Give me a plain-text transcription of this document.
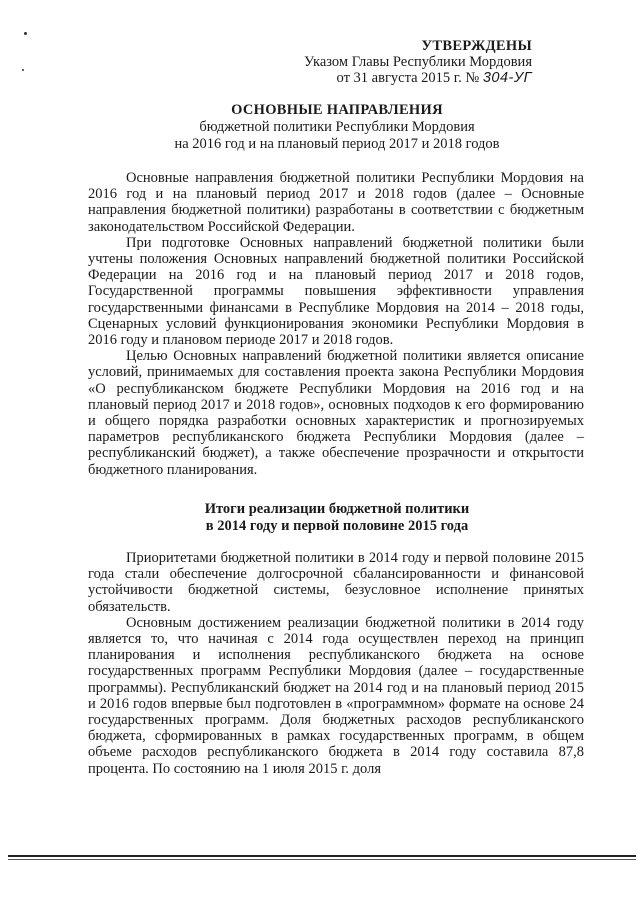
УТВЕРЖДЕНЫ
Указом Главы Республики Мордовия
от 31 августа 2015 г. № 304-УГ
ОСНОВНЫЕ НАПРАВЛЕНИЯ
бюджетной политики Республики Мордовия
на 2016 год и на плановый период 2017 и 2018 годов

Основные направления бюджетной политики Республики Мордовия на 2016 год и на плановый период 2017 и 2018 годов (далее – Основные направления бюджетной политики) разработаны в соответствии с бюджетным законодательством Российской Федерации.

При подготовке Основных направлений бюджетной политики были учтены положения Основных направлений бюджетной политики Российской Федерации на 2016 год и на плановый период 2017 и 2018 годов, Государственной программы повышения эффективности управления государственными финансами в Республике Мордовия на 2014 – 2018 годы, Сценарных условий функционирования экономики Республики Мордовия в 2016 году и плановом периоде 2017 и 2018 годов.

Целью Основных направлений бюджетной политики является описание условий, принимаемых для составления проекта закона Республики Мордовия «О республиканском бюджете Республики Мордовия на 2016 год и на плановый период 2017 и 2018 годов», основных подходов к его формированию и общего порядка разработки основных характеристик и прогнозируемых параметров республиканского бюджета Республики Мордовия (далее – республиканский бюджет), а также обеспечение прозрачности и открытости бюджетного планирования.

Итоги реализации бюджетной политики
в 2014 году и первой половине 2015 года

Приоритетами бюджетной политики в 2014 году и первой половине 2015 года стали обеспечение долгосрочной сбалансированности и финансовой устойчивости бюджетной системы, безусловное исполнение принятых обязательств.

Основным достижением реализации бюджетной политики в 2014 году является то, что начиная с 2014 года осуществлен переход на принцип планирования и исполнения республиканского бюджета на основе государственных программ Республики Мордовия (далее – государственные программы). Республиканский бюджет на 2014 год и на плановый период 2015 и 2016 годов впервые был подготовлен в «программном» формате на основе 24 государственных программ. Доля бюджетных расходов республиканского бюджета, сформированных в рамках государственных программ, в общем объеме расходов республиканского бюджета в 2014 году составила 87,8 процента. По состоянию на 1 июля 2015 г. доля
